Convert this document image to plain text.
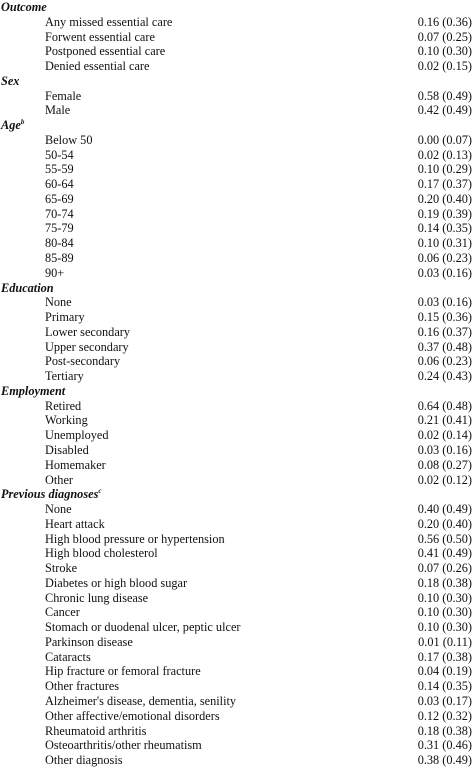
Outcome
Any missed essential care	0.16 (0.36)
Forwent essential care	0.07 (0.25)
Postponed essential care	0.10 (0.30)
Denied essential care	0.02 (0.15)
Sex
Female	0.58 (0.49)
Male	0.42 (0.49)
Age$^b$
Below 50	0.00 (0.07)
50-54	0.02 (0.13)
55-59	0.10 (0.29)
60-64	0.17 (0.37)
65-69	0.20 (0.40)
70-74	0.19 (0.39)
75-79	0.14 (0.35)
80-84	0.10 (0.31)
85-89	0.06 (0.23)
90+	0.03 (0.16)
Education
None	0.03 (0.16)
Primary	0.15 (0.36)
Lower secondary	0.16 (0.37)
Upper secondary	0.37 (0.48)
Post-secondary	0.06 (0.23)
Tertiary	0.24 (0.43)
Employment
Retired	0.64 (0.48)
Working	0.21 (0.41)
Unemployed	0.02 (0.14)
Disabled	0.03 (0.16)
Homemaker	0.08 (0.27)
Other	0.02 (0.12)
Previous diagnoses$^c$
None	0.40 (0.49)
Heart attack	0.20 (0.40)
High blood pressure or hypertension	0.56 (0.50)
High blood cholesterol	0.41 (0.49)
Stroke	0.07 (0.26)
Diabetes or high blood sugar	0.18 (0.38)
Chronic lung disease	0.10 (0.30)
Cancer	0.10 (0.30)
Stomach or duodenal ulcer, peptic ulcer	0.10 (0.30)
Parkinson disease	0.01 (0.11)
Cataracts	0.17 (0.38)
Hip fracture or femoral fracture	0.04 (0.19)
Other fractures	0.14 (0.35)
Alzheimer's disease, dementia, senility	0.03 (0.17)
Other affective/emotional disorders	0.12 (0.32)
Rheumatoid arthritis	0.18 (0.38)
Osteoarthritis/other rheumatism	0.31 (0.46)
Other diagnosis	0.38 (0.49)
